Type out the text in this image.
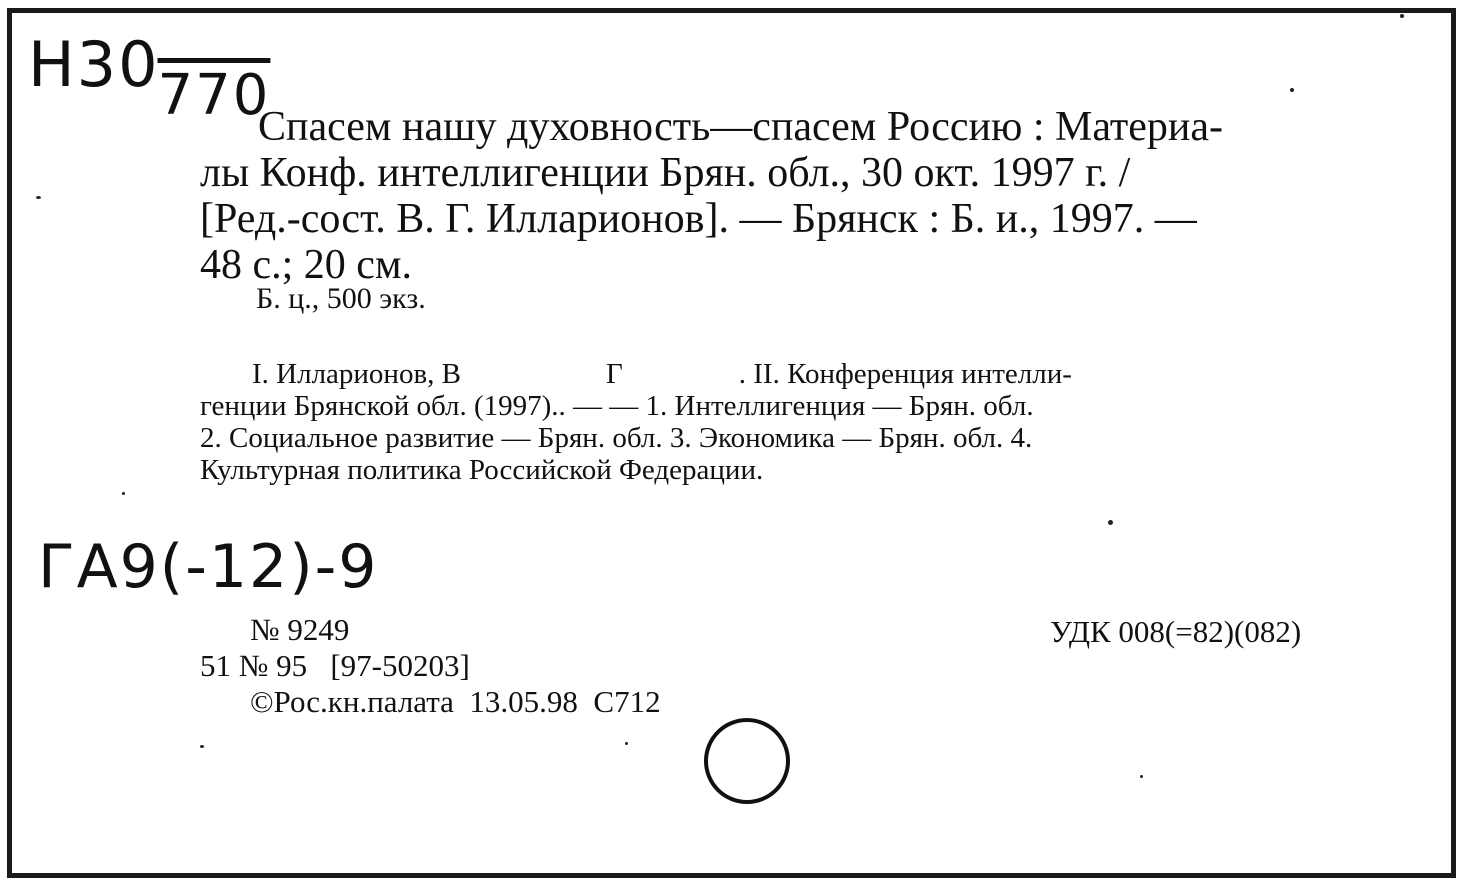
Н30770
Спасем нашу духовность—спасем Россию : Материа-
лы Конф. интеллигенции Брян. обл., 30 окт. 1997 г. /
[Ред.-сост. В. Г. Илларионов]. — Брянск : Б. и., 1997. —
48 с.; 20 см.
Б. ц., 500 экз.
I. Илларионов, В                    Г                . II. Конференция интелли-
генции Брянской обл. (1997).. — — 1. Интеллигенция — Брян. обл.
2. Социальное развитие — Брян. обл. 3. Экономика — Брян. обл. 4.
Культурная политика Российской Федерации.
ГА9(-12)-9
№ 9249
51 № 95   [97-50203]
©Рос.кн.палата  13.05.98  С712
УДК 008(=82)(082)
